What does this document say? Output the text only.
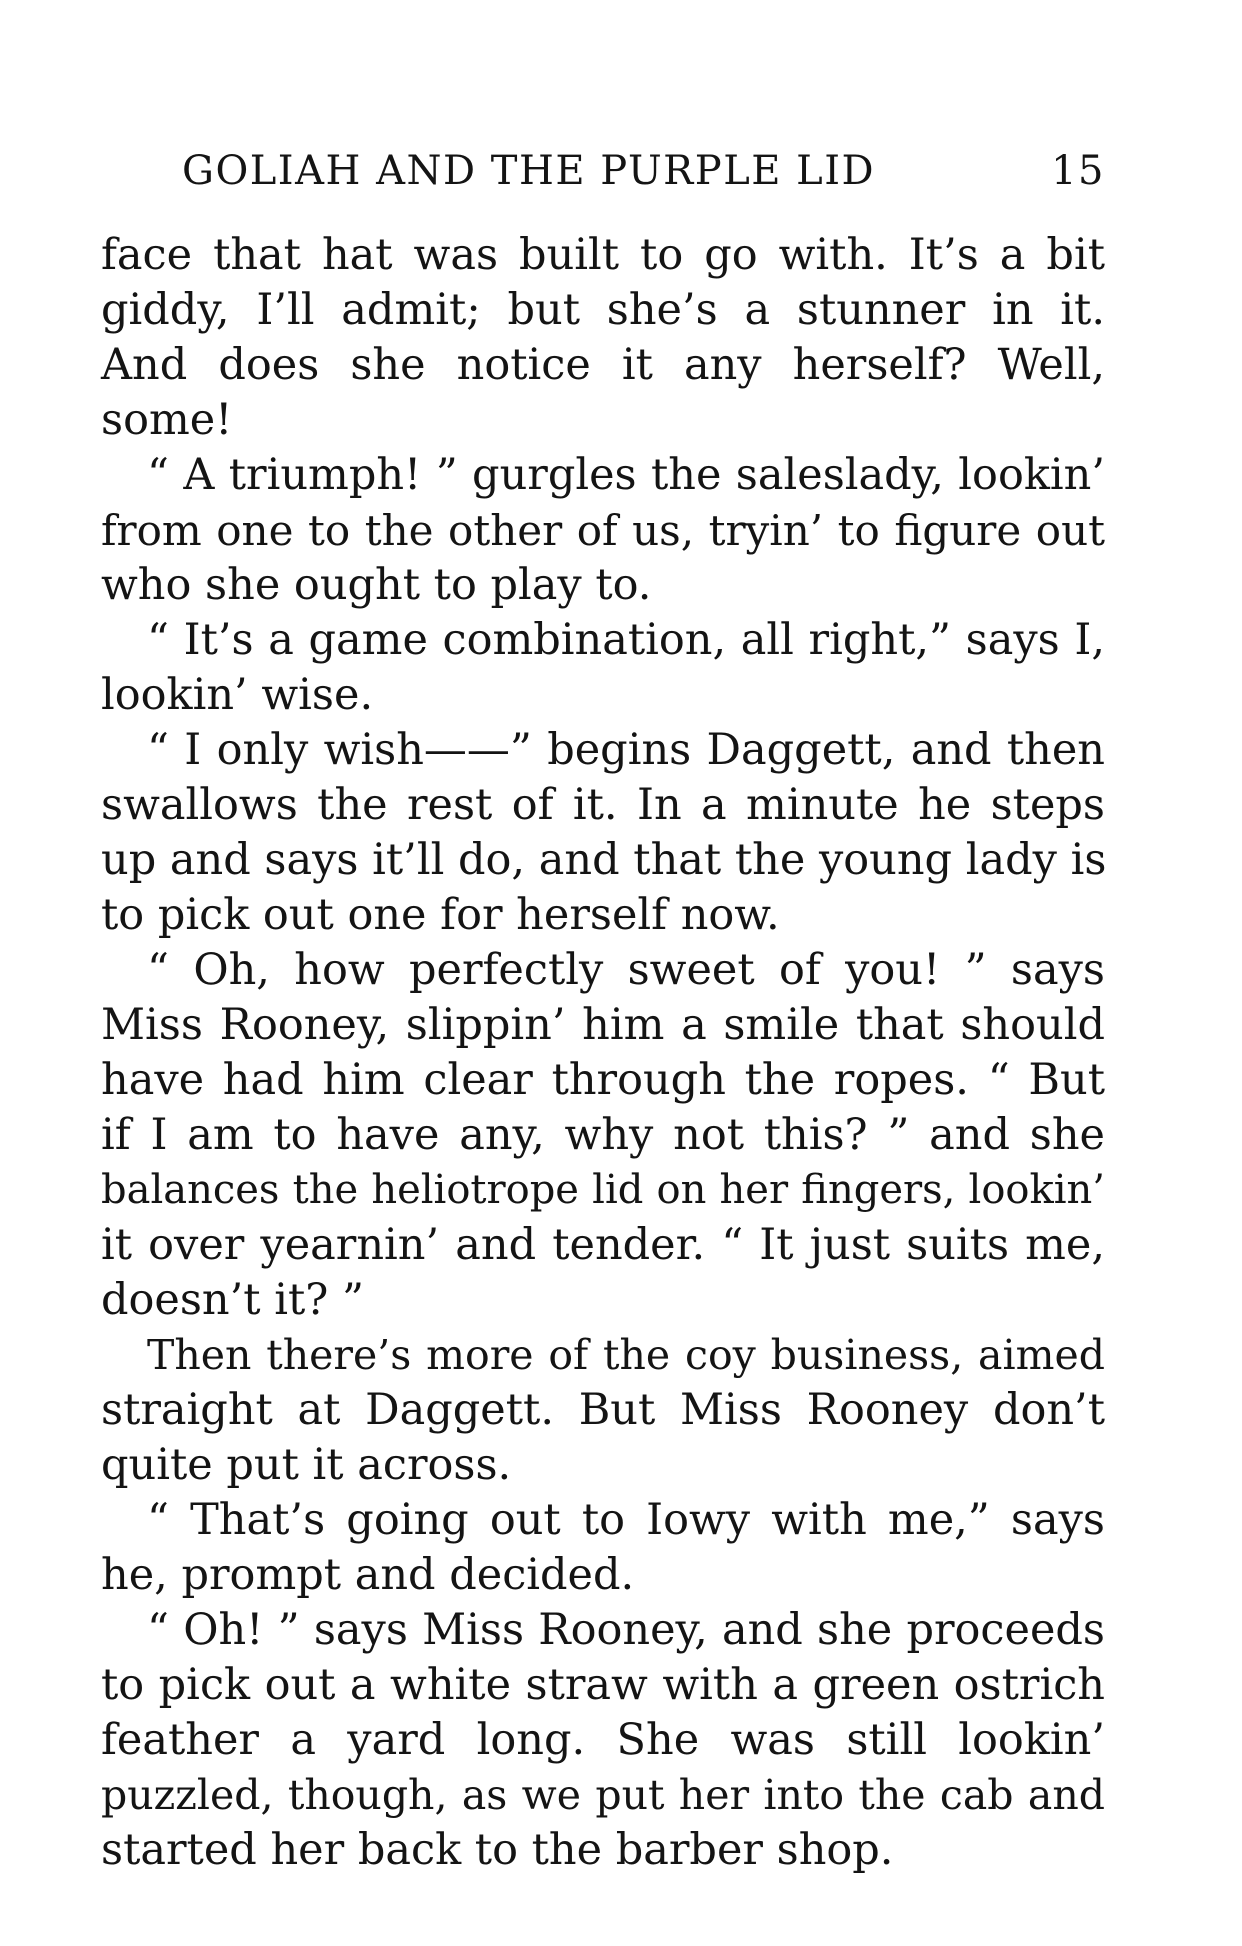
GOLIAH AND THE PURPLE LID	15
face that hat was built to go with. It’s a bit
giddy, I’ll admit; but she’s a stunner in it.
And does she notice it any herself? Well,
some!
“ A triumph! ” gurgles the saleslady, lookin’
from one to the other of us, tryin’ to figure out
who she ought to play to.
“ It’s a game combination, all right,” says I,
lookin’ wise.
“ I only wish——” begins Daggett, and then
swallows the rest of it. In a minute he steps
up and says it’ll do, and that the young lady is
to pick out one for herself now.
“ Oh, how perfectly sweet of you! ” says
Miss Rooney, slippin’ him a smile that should
have had him clear through the ropes. “ But
if I am to have any, why not this? ” and she
balances the heliotrope lid on her fingers, lookin’
it over yearnin’ and tender. “ It just suits me,
doesn’t it? ”
Then there’s more of the coy business, aimed
straight at Daggett. But Miss Rooney don’t
quite put it across.
“ That’s going out to Iowy with me,” says
he, prompt and decided.
“ Oh! ” says Miss Rooney, and she proceeds
to pick out a white straw with a green ostrich
feather a yard long. She was still lookin’
puzzled, though, as we put her into the cab and
started her back to the barber shop.
